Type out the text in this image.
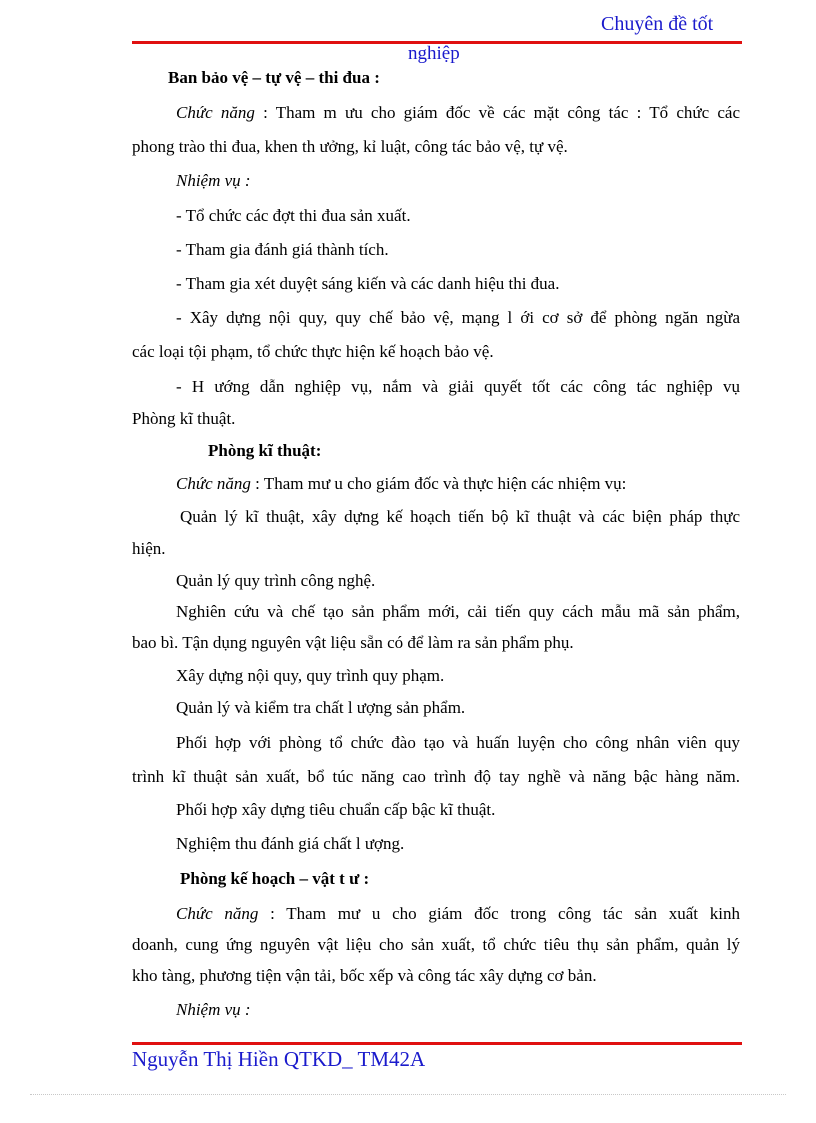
Chuyên đề tốt
nghiệp
Ban bảo vệ – tự vệ – thi đua :
Chức năng : Tham m ưu cho giám đốc về các mặt công tác : Tổ chức các
phong trào thi đua, khen th ưởng, kỉ luật, công tác bảo vệ, tự vệ.
Nhiệm vụ :
- Tổ chức các đợt thi đua sản xuất.
- Tham gia đánh giá thành tích.
- Tham gia xét duyệt sáng kiến và các danh hiệu thi đua.
- Xây dựng nội quy, quy chế bảo vệ, mạng l ới cơ sở để phòng ngăn ngừa
các loại tội phạm, tổ chức thực hiện kế hoạch bảo vệ.
- H ướng dẫn nghiệp vụ, nắm và giải quyết tốt các công tác nghiệp vụ
Phòng kĩ thuật.
Phòng kĩ thuật:
Chức năng : Tham mư u cho giám đốc và thực hiện các nhiệm vụ:
Quản lý kĩ thuật, xây dựng kế hoạch tiến bộ kĩ thuật và các biện pháp thực
hiện.
Quản lý quy trình công nghệ.
Nghiên cứu và chế tạo sản phẩm mới, cải tiến quy cách mẫu mã sản phẩm,
bao bì. Tận dụng nguyên vật liệu sẵn có để làm ra sản phẩm phụ.
Xây dựng nội quy, quy trình quy phạm.
Quản lý và kiểm tra chất l ượng sản phẩm.
Phối hợp với phòng tổ chức đào tạo và huấn luyện cho công nhân viên quy
trình kĩ thuật sản xuất, bổ túc năng cao trình độ tay nghề và năng bậc hàng năm.
Phối hợp xây dựng tiêu chuẩn cấp bậc kĩ thuật.
Nghiệm thu đánh giá chất l ượng.
Phòng kế hoạch – vật t ư :
Chức năng : Tham mư u cho giám đốc trong công tác sản xuất kinh
doanh, cung ứng nguyên vật liệu cho sản xuất, tổ chức tiêu thụ sản phẩm, quản lý
kho tàng, phương tiện vận tải, bốc xếp và công tác xây dựng cơ bản.
Nhiệm vụ :
Nguyễn Thị Hiền QTKD_ TM42A
